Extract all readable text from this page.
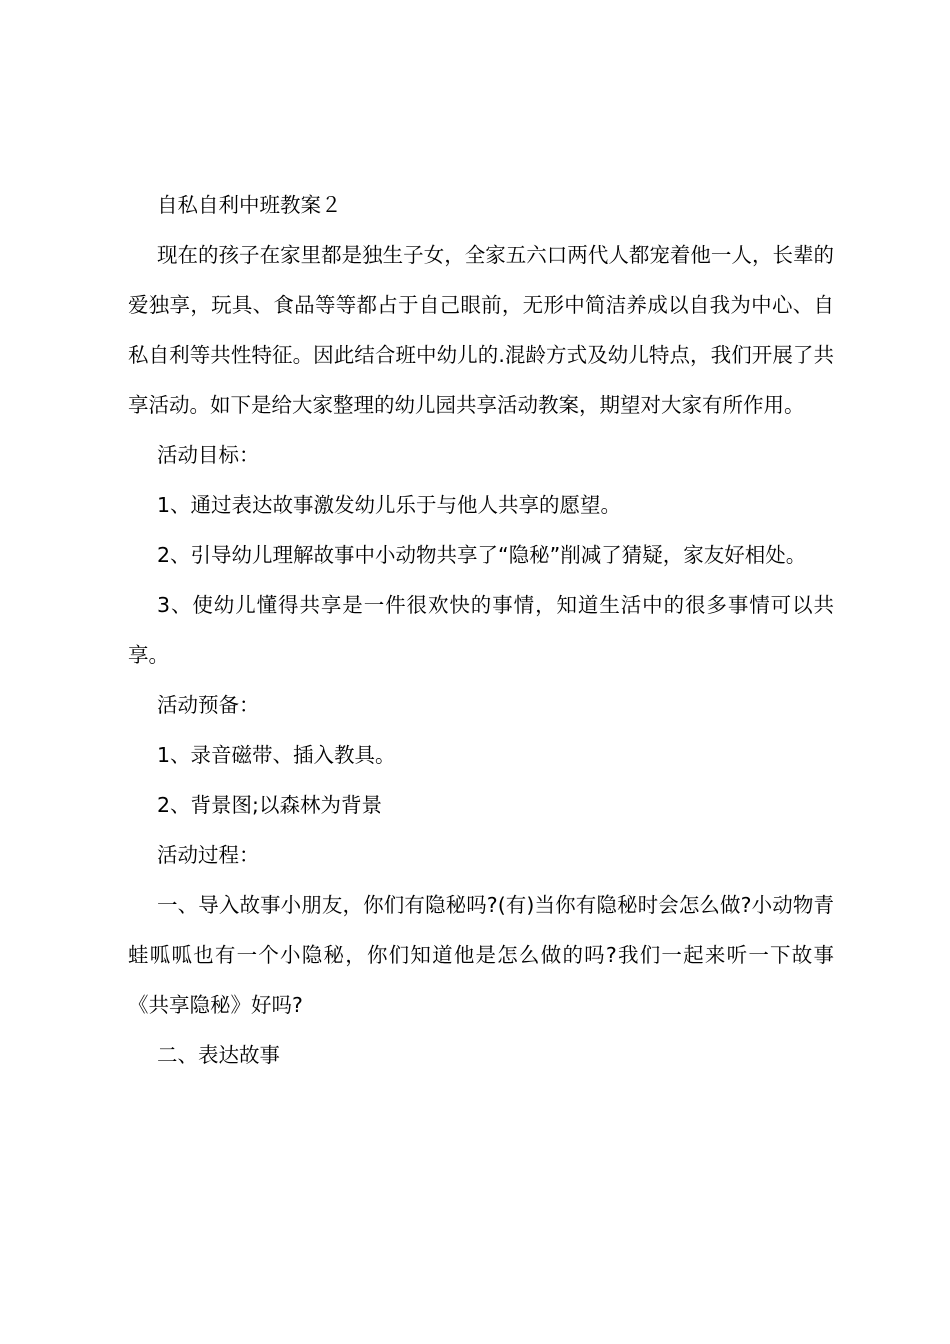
自私自利中班教案２

现在的孩子在家里都是独生子女，全家五六口两代人都宠着他一人，长辈的爱独享，玩具、食品等等都占于自己眼前，无形中简洁养成以自我为中心、自私自利等共性特征。因此结合班中幼儿的.混龄方式及幼儿特点，我们开展了共享活动。如下是给大家整理的幼儿园共享活动教案，期望对大家有所作用。

活动目标：

1、通过表达故事激发幼儿乐于与他人共享的愿望。

2、引导幼儿理解故事中小动物共享了“隐秘”削减了猜疑，家友好相处。

3、使幼儿懂得共享是一件很欢快的事情，知道生活中的很多事情可以共享。

活动预备：

1、录音磁带、插入教具。

2、背景图;以森林为背景

活动过程：

一、导入故事小朋友，你们有隐秘吗?(有)当你有隐秘时会怎么做?小动物青蛙呱呱也有一个小隐秘，你们知道他是怎么做的吗?我们一起来听一下故事《共享隐秘》好吗?

二、表达故事
